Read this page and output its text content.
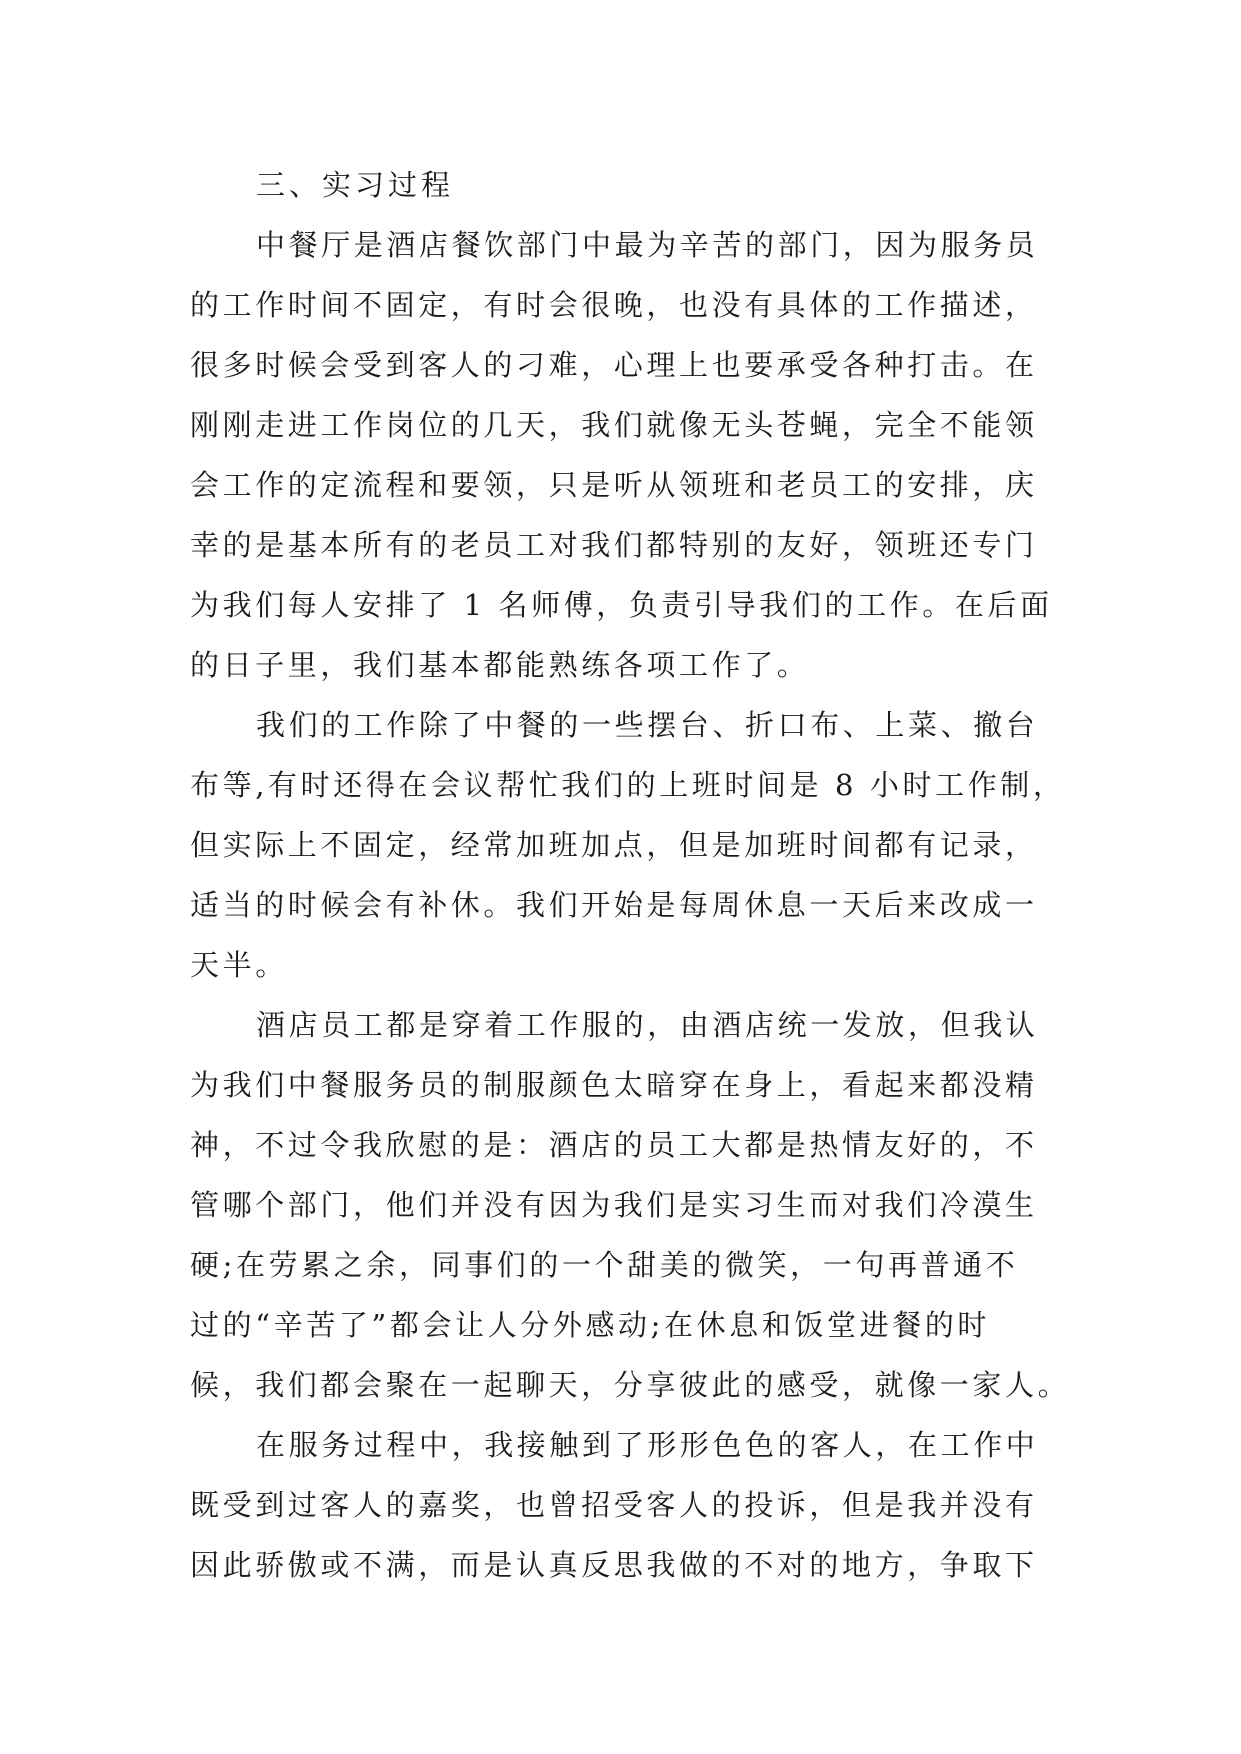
三、实习过程
中餐厅是酒店餐饮部门中最为辛苦的部门，因为服务员
的工作时间不固定，有时会很晚，也没有具体的工作描述，
很多时候会受到客人的刁难，心理上也要承受各种打击。在
刚刚走进工作岗位的几天，我们就像无头苍蝇，完全不能领
会工作的定流程和要领，只是听从领班和老员工的安排，庆
幸的是基本所有的老员工对我们都特别的友好，领班还专门
为我们每人安排了 1 名师傅，负责引导我们的工作。在后面
的日子里，我们基本都能熟练各项工作了。
我们的工作除了中餐的一些摆台、折口布、上菜、撤台
布等,有时还得在会议帮忙我们的上班时间是 8 小时工作制，
但实际上不固定，经常加班加点，但是加班时间都有记录，
适当的时候会有补休。我们开始是每周休息一天后来改成一
天半。
酒店员工都是穿着工作服的，由酒店统一发放，但我认
为我们中餐服务员的制服颜色太暗穿在身上，看起来都没精
神，不过令我欣慰的是：酒店的员工大都是热情友好的，不
管哪个部门，他们并没有因为我们是实习生而对我们冷漠生
硬;在劳累之余，同事们的一个甜美的微笑，一句再普通不
过的“辛苦了”都会让人分外感动;在休息和饭堂进餐的时
候，我们都会聚在一起聊天，分享彼此的感受，就像一家人。
在服务过程中，我接触到了形形色色的客人，在工作中
既受到过客人的嘉奖，也曾招受客人的投诉，但是我并没有
因此骄傲或不满，而是认真反思我做的不对的地方，争取下
